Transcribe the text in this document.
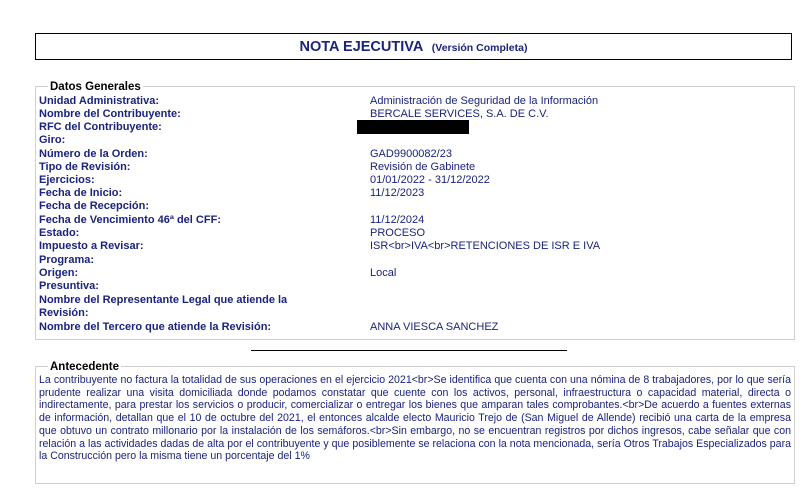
NOTA EJECUTIVA (Versión Completa)
Datos Generales
Unidad Administrativa:	Administración de Seguridad de la Información
Nombre del Contribuyente:	BERCALE SERVICES, S.A. DE C.V.
RFC del Contribuyente:
Giro:
Número de la Orden:	GAD9900082/23
Tipo de Revisión:	Revisión de Gabinete
Ejercicios:	01/01/2022 - 31/12/2022
Fecha de Inicio:	11/12/2023
Fecha de Recepción:
Fecha de Vencimiento 46ª del CFF:	11/12/2024
Estado:	PROCESO
Impuesto a Revisar:	ISR<br>IVA<br>RETENCIONES DE ISR E IVA
Programa:
Origen:	Local
Presuntiva:
Nombre del Representante Legal que atiende la Revisión:
Nombre del Tercero que atiende la Revisión:	ANNA VIESCA SANCHEZ
Antecedente
La contribuyente no factura la totalidad de sus operaciones en el ejercicio 2021<br>Se identifica que cuenta con una nómina de 8 trabajadores, por lo que sería prudente realizar una visita domiciliada donde podamos constatar que cuente con los activos, personal, infraestructura o capacidad material, directa o indirectamente, para prestar los servicios o producir, comercializar o entregar los bienes que amparan tales comprobantes.<br>De acuerdo a fuentes externas de información, detallan que el 10 de octubre del 2021, el entonces alcalde electo Mauricio Trejo de (San Miguel de Allende) recibió una carta de la empresa que obtuvo un contrato millonario por la instalación de los semáforos.<br>Sin embargo, no se encuentran registros por dichos ingresos, cabe señalar que con relación a las actividades dadas de alta por el contribuyente y que posiblemente se relaciona con la nota mencionada, sería Otros Trabajos Especializados para la Construcción pero la misma tiene un porcentaje del 1%
